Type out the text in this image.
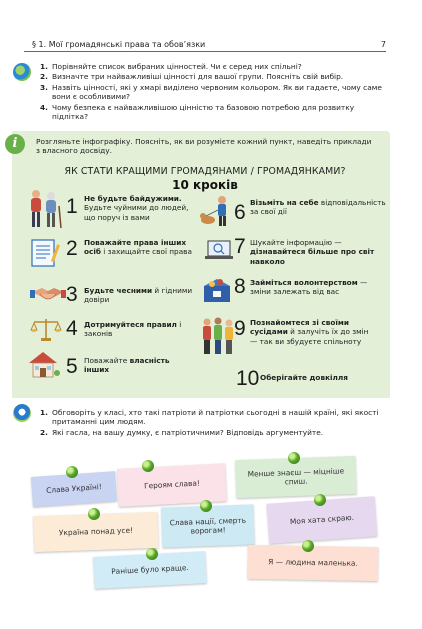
§ 1. Мої громадянські права та обов’язки	7
1. Порівняйте список вибраних цінностей. Чи є серед них спільні?
2. Визначте три найважливіші цінності для вашої групи. Поясніть свій вибір.
3. Назвіть цінності, які у хмарі виділено червоним кольором. Як ви гадаєте, чому саме вони є особливими?
4. Чому безпека є найважливішою цінністю та базовою потребою для розвитку підлітка?
i	Розгляньте інфографіку. Поясніть, як ви розумієте кожний пункт, наведіть приклади з власного досвіду.
ЯК СТАТИ КРАЩИМИ ГРОМАДЯНАМИ / ГРОМАДЯНКАМИ?
10 кроків
1 Не будьте байдужими. Будьте чуйними до людей, що поруч із вами
2 Поважайте права інших осіб і захищайте свої права
3 Будьте чесними й гідними довіри
4 Дотримуйтеся правил і законів
5 Поважайте власність інших
6 Візьміть на себе відповідальність за свої дії
7 Шукайте інформацію — дізнавайтеся більше про світ навколо
8 Займіться волонтерством — зміни залежать від вас
9 Познайомтеся зі своїми сусідами й залучіть їх до змін — так ви збудуєте спільноту
10 Оберігайте довкілля
1. Обговоріть у класі, хто такі патріоти й патріотки сьогодні в нашій країні, які якості притаманні цим людям.
2. Які гасла, на вашу думку, є патріотичними? Відповідь аргументуйте.
Слава Україні!	Героям слава!
Менше знаєш — міцніше спиш.
Україна понад усе!
Слава нації, смерть ворогам!
Моя хата скраю.
Раніше було краще.
Я — людина маленька.
